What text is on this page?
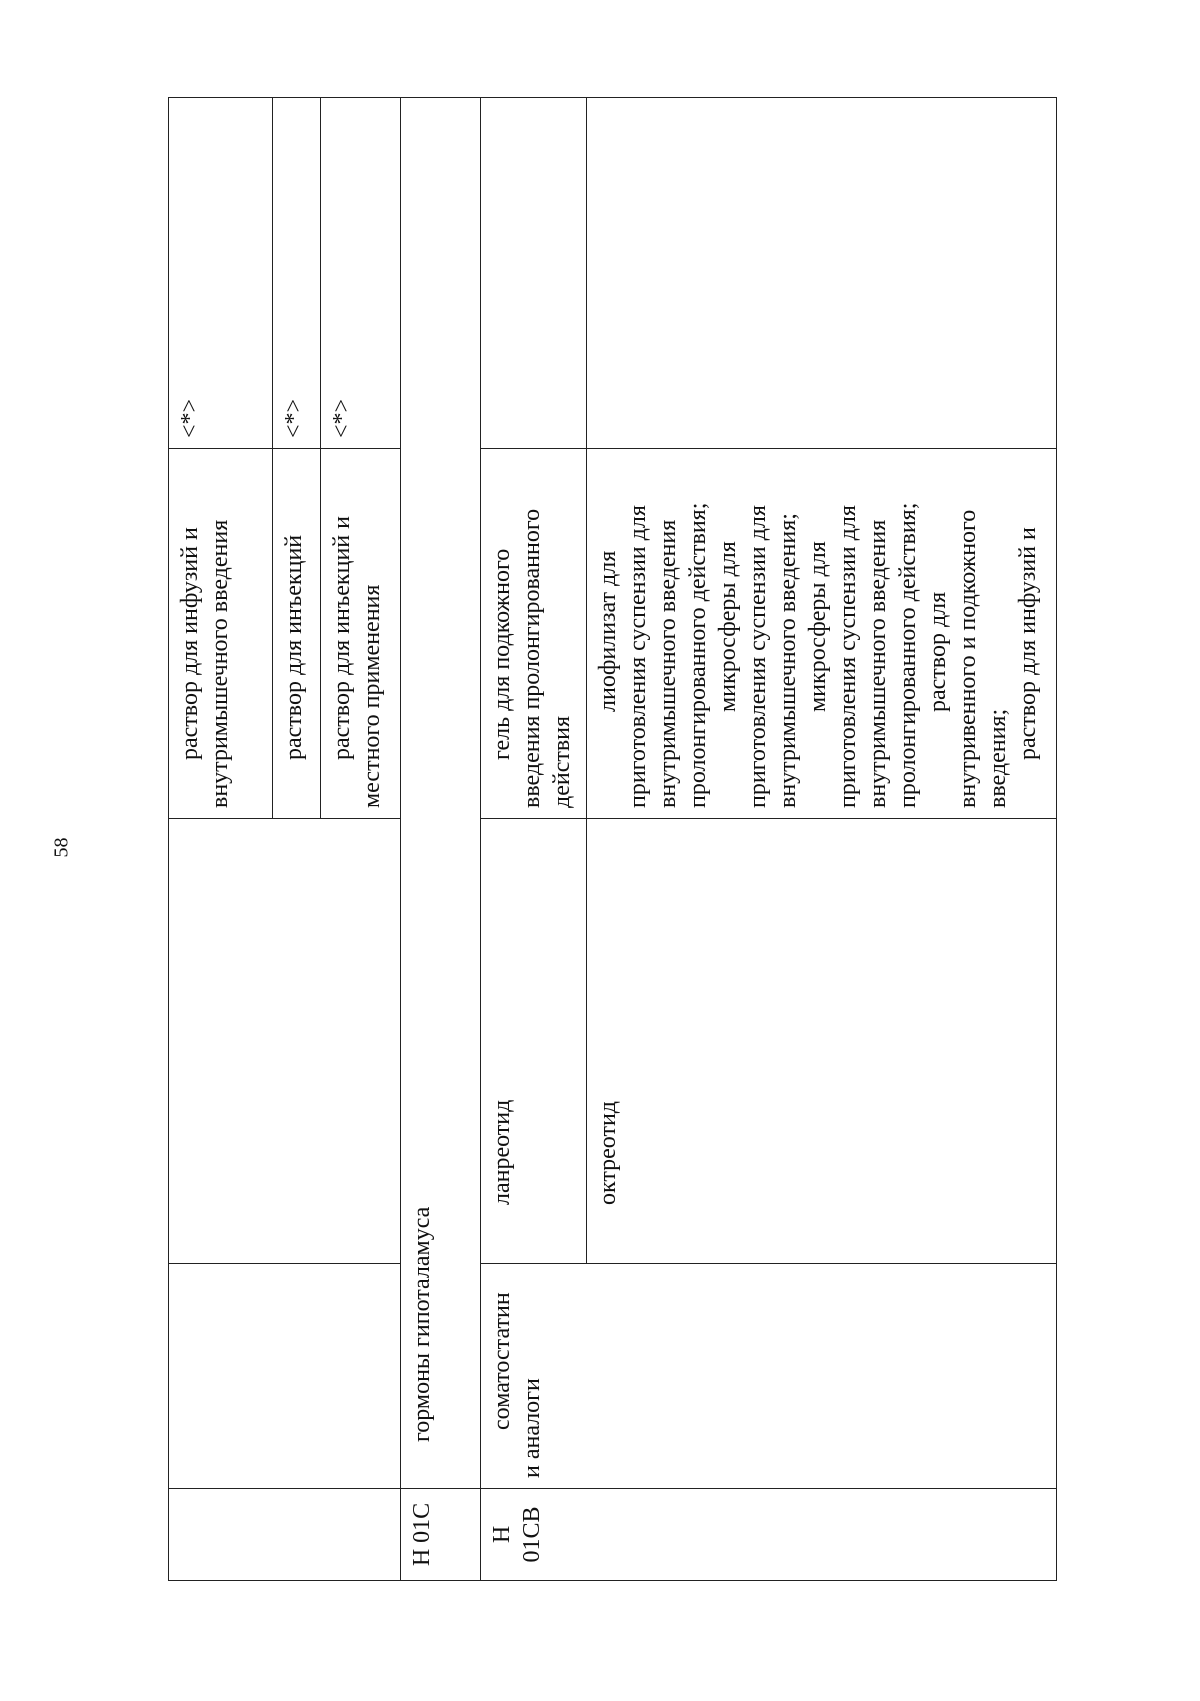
58

			раствор для инфузий и внутримышечного введения	<*>

			раствор для инъекций	<*>

			раствор для инъекций и местного применения	<*>
H 01C	гормоны гипоталамуса			
H 01CB	соматостатин и аналоги	ланреотид	гель для подкожного введения пролонгированного действия	

		октреотид	лиофилизат для приготовления суспензии для внутримышечного введения пролонгированного действия; микросферы для приготовления суспензии для внутримышечного введения; микросферы для приготовления суспензии для внутримышечного введения пролонгированного действия; раствор для внутривенного и подкожного введения; раствор для инфузий и	
